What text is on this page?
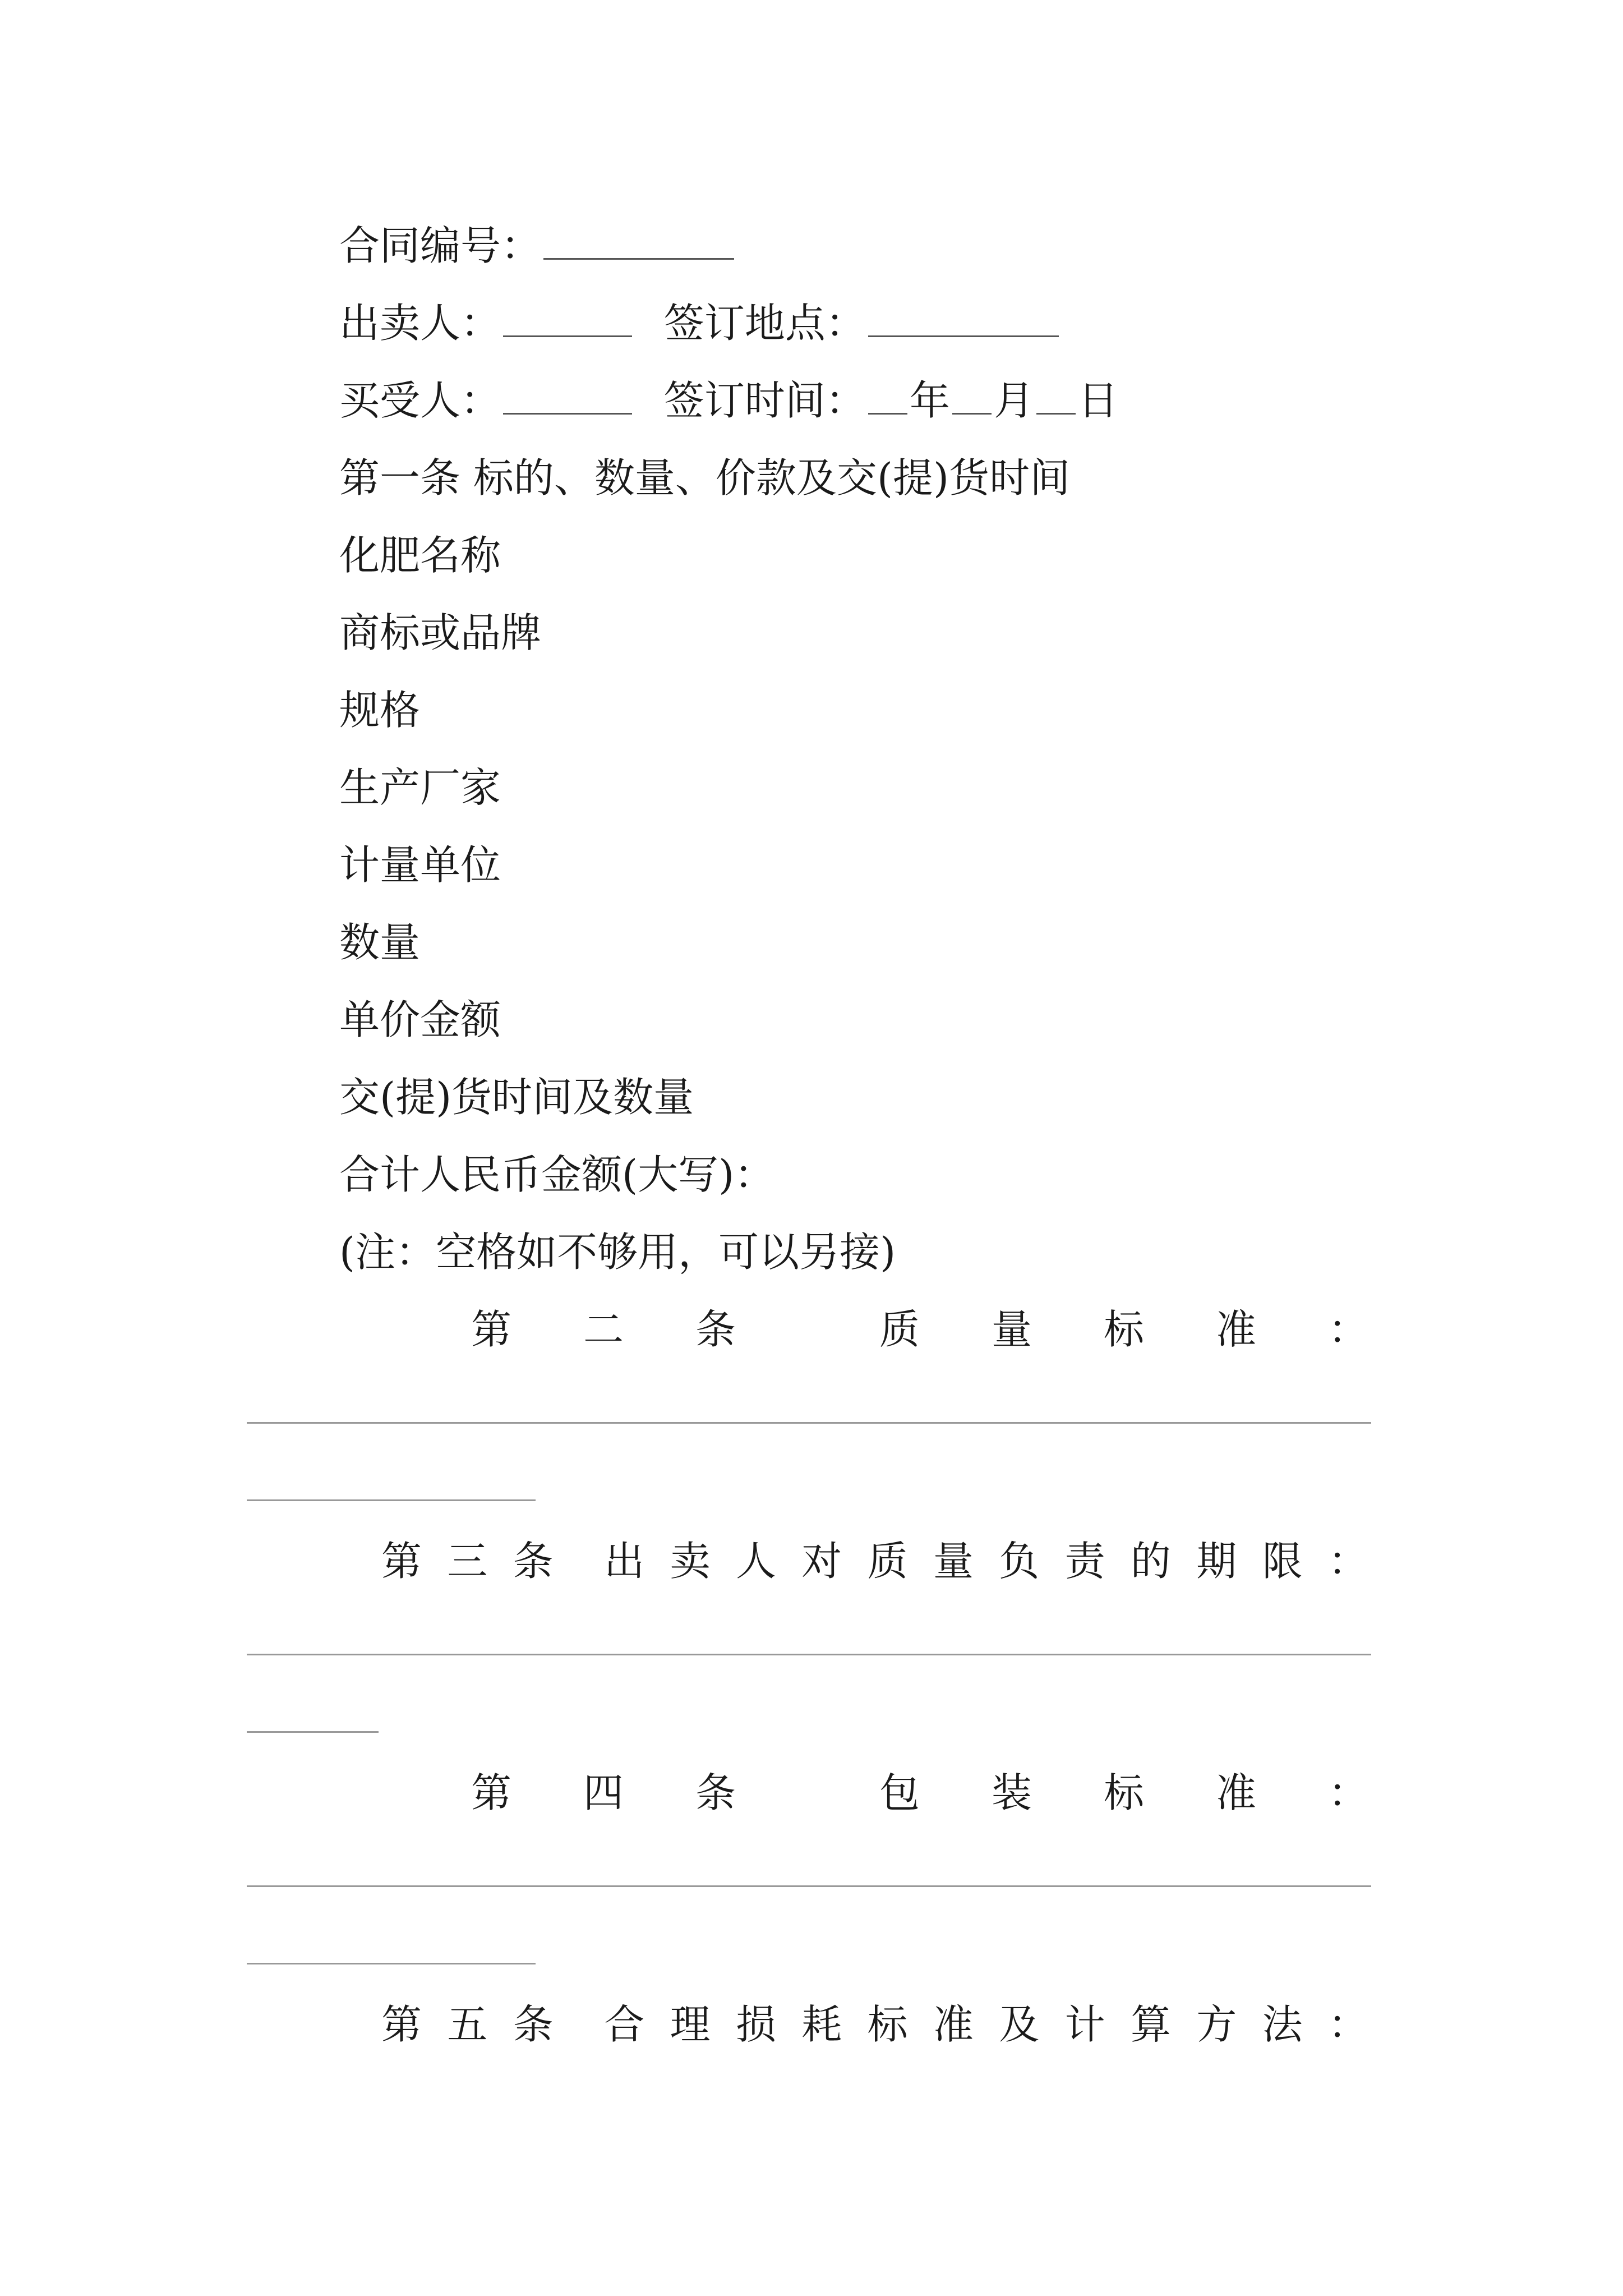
合同编号：
出卖人：	签订地点：
买受人：	签订时间： 年 月 日
第一条 标的、数量、价款及交(提)货时间
化肥名称
商标或品牌
规格
生产厂家
计量单位
数量
单价金额
交(提)货时间及数量
合计人民币金额(大写)：
(注：空格如不够用，可以另接)
第 二 条	质 量 标 准 ：
第 三 条 出 卖 人 对 质 量 负 责 的 期 限 ：
第 四 条	包 装 标 准 ：
第 五 条 合 理 损 耗 标 准 及 计 算 方 法 ：
